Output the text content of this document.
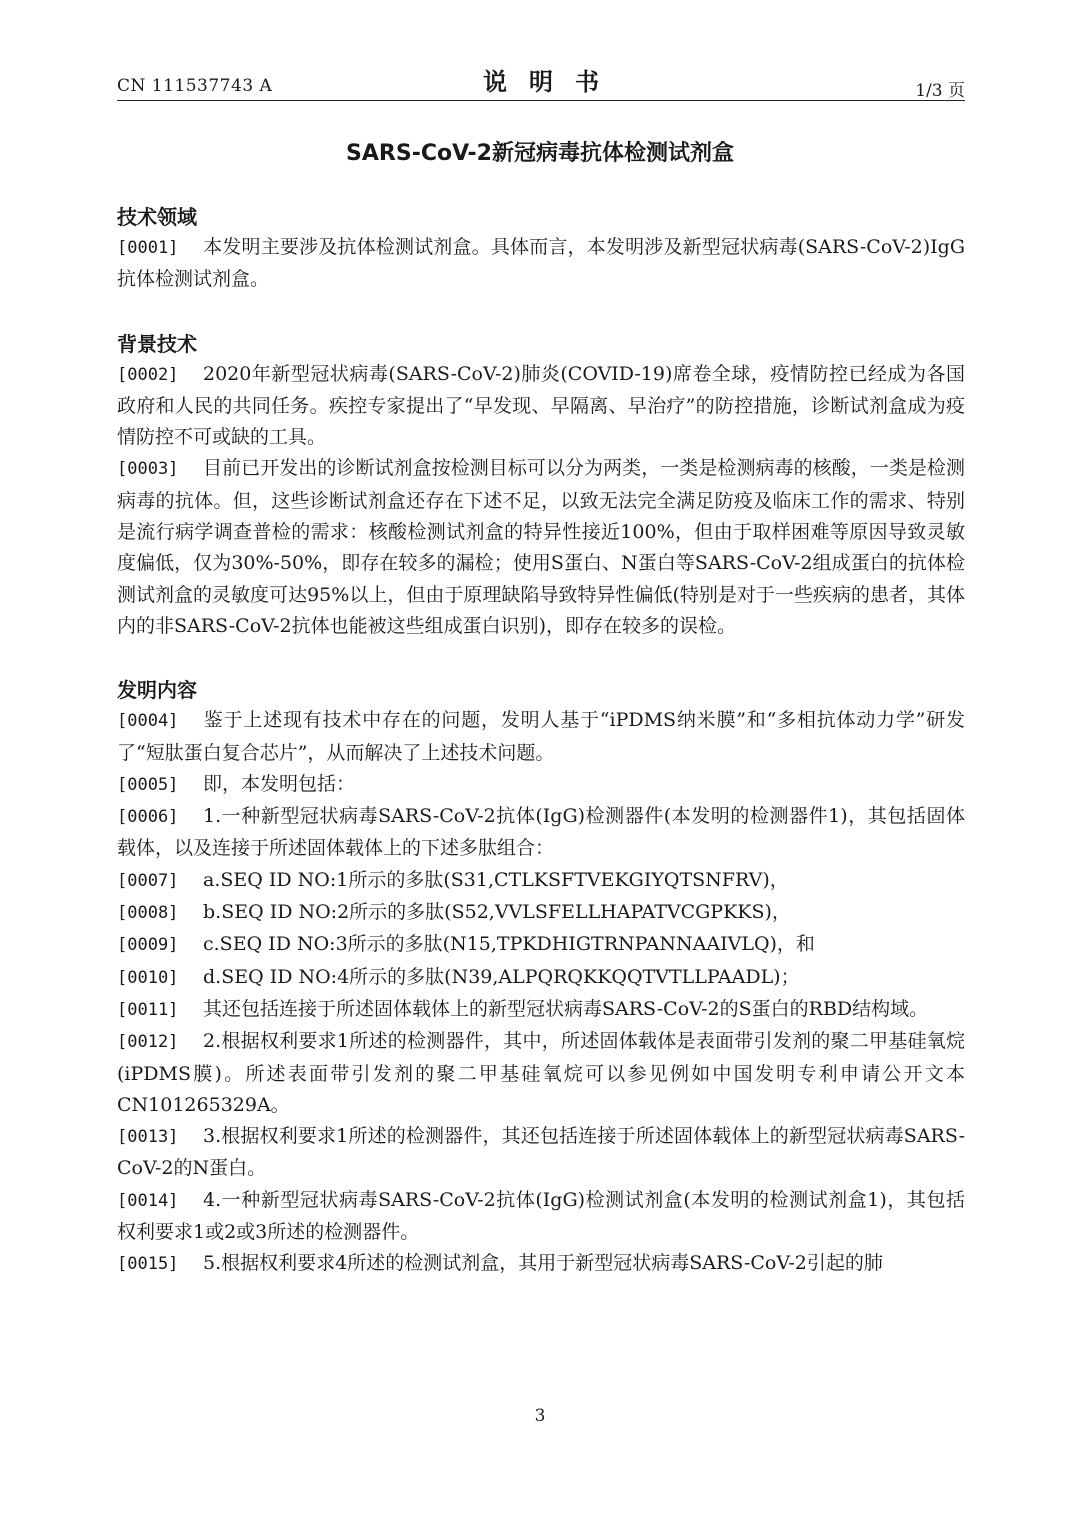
CN 111537743 A	说明书	1/3 页
SARS-CoV-2新冠病毒抗体检测试剂盒
技术领域

[0001] 本发明主要涉及抗体检测试剂盒。具体而言，本发明涉及新型冠状病毒(SARS-CoV-2)IgG抗体检测试剂盒。

背景技术

[0002] 2020年新型冠状病毒(SARS-CoV-2)肺炎(COVID-19)席卷全球，疫情防控已经成为各国政府和人民的共同任务。疾控专家提出了“早发现、早隔离、早治疗”的防控措施，诊断试剂盒成为疫情防控不可或缺的工具。

[0003] 目前已开发出的诊断试剂盒按检测目标可以分为两类，一类是检测病毒的核酸，一类是检测病毒的抗体。但，这些诊断试剂盒还存在下述不足，以致无法完全满足防疫及临床工作的需求、特别是流行病学调查普检的需求：核酸检测试剂盒的特异性接近100%，但由于取样困难等原因导致灵敏度偏低，仅为30%-50%，即存在较多的漏检；使用S蛋白、N蛋白等SARS-CoV-2组成蛋白的抗体检测试剂盒的灵敏度可达95%以上，但由于原理缺陷导致特异性偏低(特别是对于一些疾病的患者，其体内的非SARS-CoV-2抗体也能被这些组成蛋白识别)，即存在较多的误检。

发明内容

[0004] 鉴于上述现有技术中存在的问题，发明人基于“iPDMS纳米膜”和“多相抗体动力学”研发了“短肽蛋白复合芯片”，从而解决了上述技术问题。

[0005] 即，本发明包括：

[0006] 1.一种新型冠状病毒SARS-CoV-2抗体(IgG)检测器件(本发明的检测器件1)，其包括固体载体，以及连接于所述固体载体上的下述多肽组合：

[0007] a.SEQ ID NO:1所示的多肽(S31,CTLKSFTVEKGIYQTSNFRV)，

[0008] b.SEQ ID NO:2所示的多肽(S52,VVLSFELLHAPATVCGPKKS)，

[0009] c.SEQ ID NO:3所示的多肽(N15,TPKDHIGTRNPANNAAIVLQ)，和

[0010] d.SEQ ID NO:4所示的多肽(N39,ALPQRQKKQQTVTLLPAADL)；

[0011] 其还包括连接于所述固体载体上的新型冠状病毒SARS-CoV-2的S蛋白的RBD结构域。

[0012] 2.根据权利要求1所述的检测器件，其中，所述固体载体是表面带引发剂的聚二甲基硅氧烷(iPDMS膜)。所述表面带引发剂的聚二甲基硅氧烷可以参见例如中国发明专利申请公开文本CN101265329A。

[0013] 3.根据权利要求1所述的检测器件，其还包括连接于所述固体载体上的新型冠状病毒SARS-CoV-2的N蛋白。

[0014] 4.一种新型冠状病毒SARS-CoV-2抗体(IgG)检测试剂盒(本发明的检测试剂盒1)，其包括权利要求1或2或3所述的检测器件。

[0015] 5.根据权利要求4所述的检测试剂盒，其用于新型冠状病毒SARS-CoV-2引起的肺

3
